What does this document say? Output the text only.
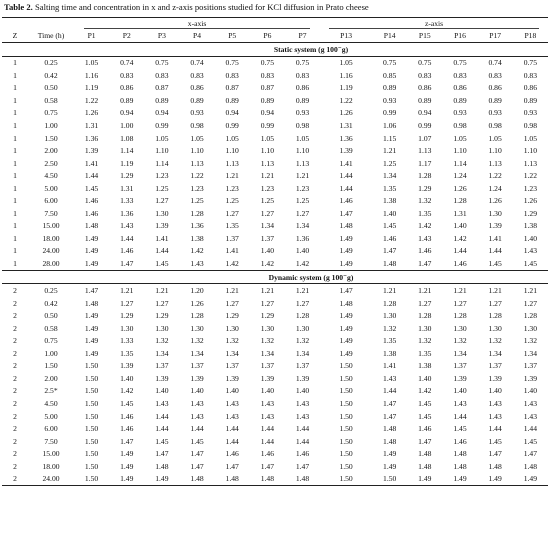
Table 2. Salting time and concentration in x and z-axis positions studied for KCl diffusion in Prato cheese
		x-axis							z-axis					
Z	Time (h)	P1	P2	P3	P4	P5	P6	P7	P13	P14	P15	P16	P17	P18
		Static system (g 100⁻g)												
1	0.25	1.05	0.74	0.75	0.74	0.75	0.75	0.75	1.05	0.75	0.75	0.75	0.74	0.75
1	0.42	1.16	0.83	0.83	0.83	0.83	0.83	0.83	1.16	0.85	0.83	0.83	0.83	0.83
1	0.50	1.19	0.86	0.87	0.86	0.87	0.87	0.86	1.19	0.89	0.86	0.86	0.86	0.86
1	0.58	1.22	0.89	0.89	0.89	0.89	0.89	0.89	1.22	0.93	0.89	0.89	0.89	0.89
1	0.75	1.26	0.94	0.94	0.93	0.94	0.94	0.93	1.26	0.99	0.94	0.93	0.93	0.93
1	1.00	1.31	1.00	0.99	0.98	0.99	0.99	0.98	1.31	1.06	0.99	0.98	0.98	0.98
1	1.50	1.36	1.08	1.05	1.05	1.05	1.05	1.05	1.36	1.15	1.07	1.05	1.05	1.05
1	2.00	1.39	1.14	1.10	1.10	1.10	1.10	1.10	1.39	1.21	1.13	1.10	1.10	1.10
1	2.50	1.41	1.19	1.14	1.13	1.13	1.13	1.13	1.41	1.25	1.17	1.14	1.13	1.13
1	4.50	1.44	1.29	1.23	1.22	1.21	1.21	1.21	1.44	1.34	1.28	1.24	1.22	1.22
1	5.00	1.45	1.31	1.25	1.23	1.23	1.23	1.23	1.44	1.35	1.29	1.26	1.24	1.23
1	6.00	1.46	1.33	1.27	1.25	1.25	1.25	1.25	1.46	1.38	1.32	1.28	1.26	1.26
1	7.50	1.46	1.36	1.30	1.28	1.27	1.27	1.27	1.47	1.40	1.35	1.31	1.30	1.29
1	15.00	1.48	1.43	1.39	1.36	1.35	1.34	1.34	1.48	1.45	1.42	1.40	1.39	1.38
1	18.00	1.49	1.44	1.41	1.38	1.37	1.37	1.36	1.49	1.46	1.43	1.42	1.41	1.40
1	24.00	1.49	1.46	1.44	1.42	1.41	1.40	1.40	1.49	1.47	1.46	1.44	1.44	1.43
1	28.00	1.49	1.47	1.45	1.43	1.42	1.42	1.42	1.49	1.48	1.47	1.46	1.45	1.45
		Dynamic system (g 100⁻g)												
2	0.25	1.47	1.21	1.21	1.20	1.21	1.21	1.21	1.47	1.21	1.21	1.21	1.21	1.21
2	0.42	1.48	1.27	1.27	1.26	1.27	1.27	1.27	1.48	1.28	1.27	1.27	1.27	1.27
2	0.50	1.49	1.29	1.29	1.28	1.29	1.29	1.28	1.49	1.30	1.28	1.28	1.28	1.28
2	0.58	1.49	1.30	1.30	1.30	1.30	1.30	1.30	1.49	1.32	1.30	1.30	1.30	1.30
2	0.75	1.49	1.33	1.32	1.32	1.32	1.32	1.32	1.49	1.35	1.32	1.32	1.32	1.32
2	1.00	1.49	1.35	1.34	1.34	1.34	1.34	1.34	1.49	1.38	1.35	1.34	1.34	1.34
2	1.50	1.50	1.39	1.37	1.37	1.37	1.37	1.37	1.50	1.41	1.38	1.37	1.37	1.37
2	2.00	1.50	1.40	1.39	1.39	1.39	1.39	1.39	1.50	1.43	1.40	1.39	1.39	1.39
2	2.5*	1.50	1.42	1.40	1.40	1.40	1.40	1.40	1.50	1.44	1.42	1.40	1.40	1.40
2	4.50	1.50	1.45	1.43	1.43	1.43	1.43	1.43	1.50	1.47	1.45	1.43	1.43	1.43
2	5.00	1.50	1.46	1.44	1.43	1.43	1.43	1.43	1.50	1.47	1.45	1.44	1.43	1.43
2	6.00	1.50	1.46	1.44	1.44	1.44	1.44	1.44	1.50	1.48	1.46	1.45	1.44	1.44
2	7.50	1.50	1.47	1.45	1.45	1.44	1.44	1.44	1.50	1.48	1.47	1.46	1.45	1.45
2	15.00	1.50	1.49	1.47	1.47	1.46	1.46	1.46	1.50	1.49	1.48	1.48	1.47	1.47
2	18.00	1.50	1.49	1.48	1.47	1.47	1.47	1.47	1.50	1.49	1.48	1.48	1.48	1.48
2	24.00	1.50	1.49	1.49	1.48	1.48	1.48	1.48	1.50	1.50	1.49	1.49	1.49	1.49
